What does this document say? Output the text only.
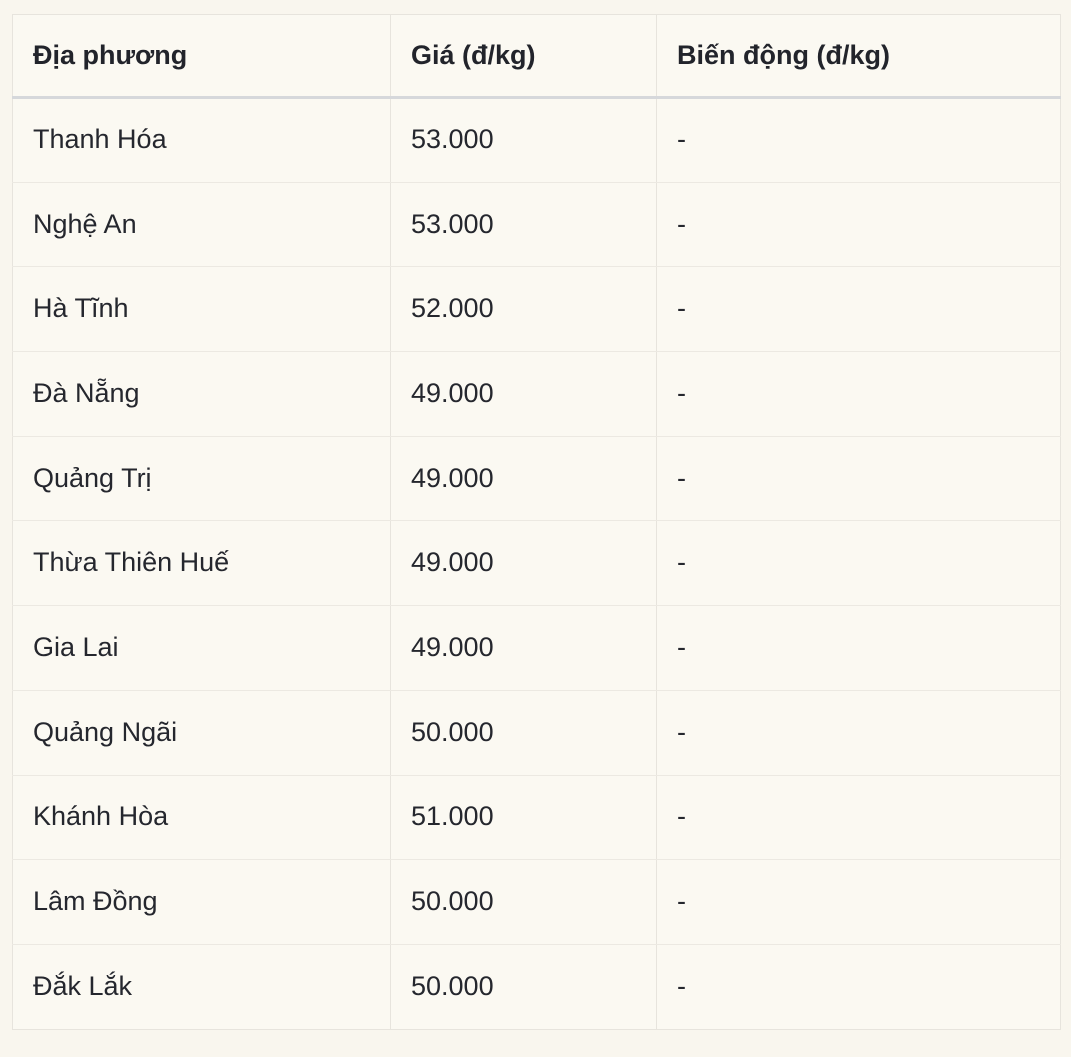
Địa phương	Giá (đ/kg)	Biến động (đ/kg)
Thanh Hóa	53.000	-
Nghệ An	53.000	-
Hà Tĩnh	52.000	-
Đà Nẵng	49.000	-
Quảng Trị	49.000	-
Thừa Thiên Huế	49.000	-
Gia Lai	49.000	-
Quảng Ngãi	50.000	-
Khánh Hòa	51.000	-
Lâm Đồng	50.000	-
Đắk Lắk	50.000	-
